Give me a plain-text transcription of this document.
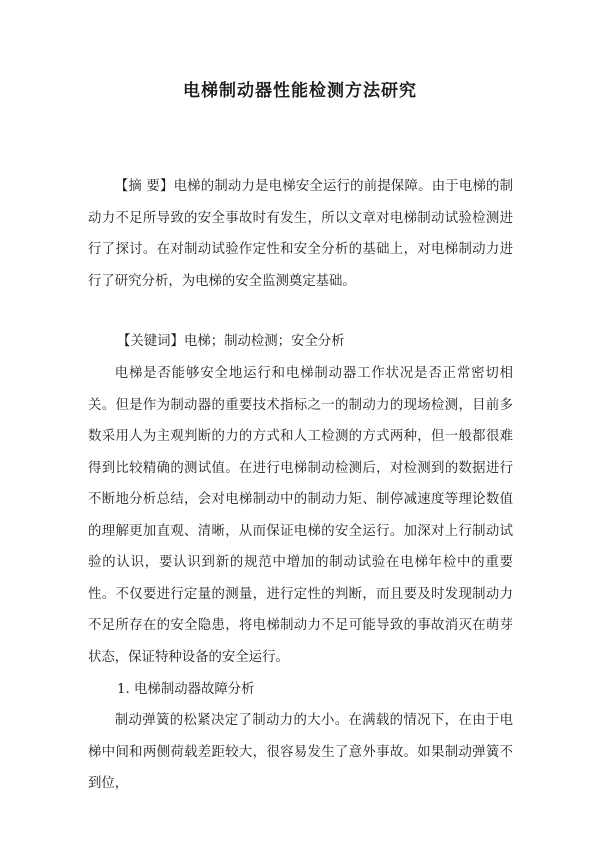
电梯制动器性能检测方法研究

【摘 要】电梯的制动力是电梯安全运行的前提保障。由于电梯的制动力不足所导致的安全事故时有发生，所以文章对电梯制动试验检测进行了探讨。在对制动试验作定性和安全分析的基础上，对电梯制动力进行了研究分析，为电梯的安全监测奠定基础。

【关键词】电梯；制动检测；安全分析

电梯是否能够安全地运行和电梯制动器工作状况是否正常密切相关。但是作为制动器的重要技术指标之一的制动力的现场检测，目前多数采用人为主观判断的力的方式和人工检测的方式两种，但一般都很难得到比较精确的测试值。在进行电梯制动检测后，对检测到的数据进行不断地分析总结，会对电梯制动中的制动力矩、制停减速度等理论数值的理解更加直观、清晰，从而保证电梯的安全运行。加深对上行制动试验的认识，要认识到新的规范中增加的制动试验在电梯年检中的重要性。不仅要进行定量的测量，进行定性的判断，而且要及时发现制动力不足所存在的安全隐患，将电梯制动力不足可能导致的事故消灭在萌芽状态，保证特种设备的安全运行。

1. 电梯制动器故障分析

制动弹簧的松紧决定了制动力的大小。在满载的情况下，在由于电梯中间和两侧荷载差距较大，很容易发生了意外事故。如果制动弹簧不到位，
